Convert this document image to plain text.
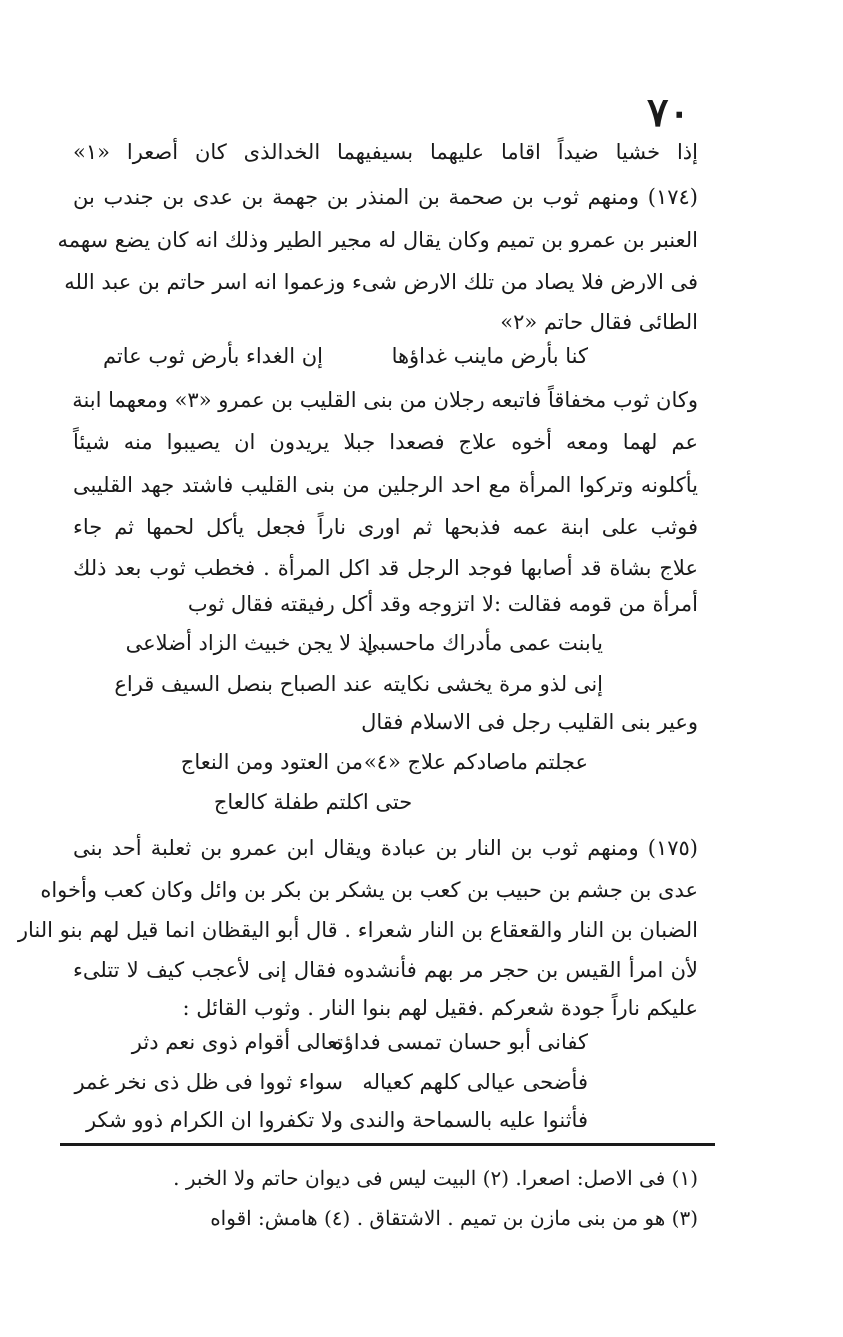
٧٠
إذا خشيا ضيداً اقاما عليهما بسيفيهما الخدالذى كان أصعرا «١»
(١٧٤) ومنهم ثوب بن صحمة بن المنذر بن جهمة بن عدى بن جندب بن
العنبر بن عمرو بن تميم وكان يقال له مجير الطير وذلك انه كان يضع سهمه
فى الارض فلا يصاد من تلك الارض شىء وزعموا انه اسر حاتم بن عبد الله
الطائى فقال حاتم «٢»
كنا بأرض ماينب غداؤها
إن الغداء بأرض ثوب عاتم
وكان ثوب مخفاقاً فاتبعه رجلان من بنى القليب بن عمرو «٣» ومعهما ابنة
عم لهما ومعه أخوه علاج فصعدا جبلا يريدون ان يصيبوا منه شيئاً
يأكلونه وتركوا المرأة مع احد الرجلين من بنى القليب فاشتد جهد القليبى
فوثب على ابنة عمه فذبحها ثم اورى ناراً فجعل يأكل لحمها ثم جاء
علاج بشاة قد أصابها فوجد الرجل قد اكل المرأة . فخطب ثوب بعد ذلك
أمرأة من قومه فقالت :لا اتزوجه وقد أكل رفيقته فقال ثوب
يابنت عمى مأدراك ماحسبى
إذ لا يجن خبيث الزاد أضلاعى
إنى لذو مرة يخشى نكايته
عند الصباح بنصل السيف قراع
وعير بنى القليب رجل فى الاسلام فقال
عجلتم ماصادكم علاج «٤»
من العتود ومن النعاج
حتى اكلتم طفلة كالعاج
(١٧٥) ومنهم ثوب بن النار بن عبادة ويقال ابن عمرو بن ثعلبة أحد بنى
عدى بن جشم بن حبيب بن كعب بن يشكر بن بكر بن وائل وكان كعب وأخواه
الضبان بن النار والقعقاع بن النار شعراء . قال أبو اليقظان انما قيل لهم بنو النار
لأن امرأ القيس بن حجر مر بهم فأنشدوه فقال إنى لأعجب كيف لا تتلىء
عليكم ناراً جودة شعركم .فقيل لهم بنوا النار . وثوب القائل :
كفانى أبو حسان تمسى فداؤه
تعالى أقوام ذوى نعم دثر
فأضحى عيالى كلهم كعياله
سواء ثووا فى ظل ذى نخر غمر
فأثنوا عليه بالسماحة والندى
ولا تكفروا ان الكرام ذوو شكر
(١) فى الاصل: اصعرا. (٢) البيت ليس فى ديوان حاتم ولا الخبر .
(٣) هو من بنى مازن بن تميم . الاشتقاق . (٤) هامش: اقواه
